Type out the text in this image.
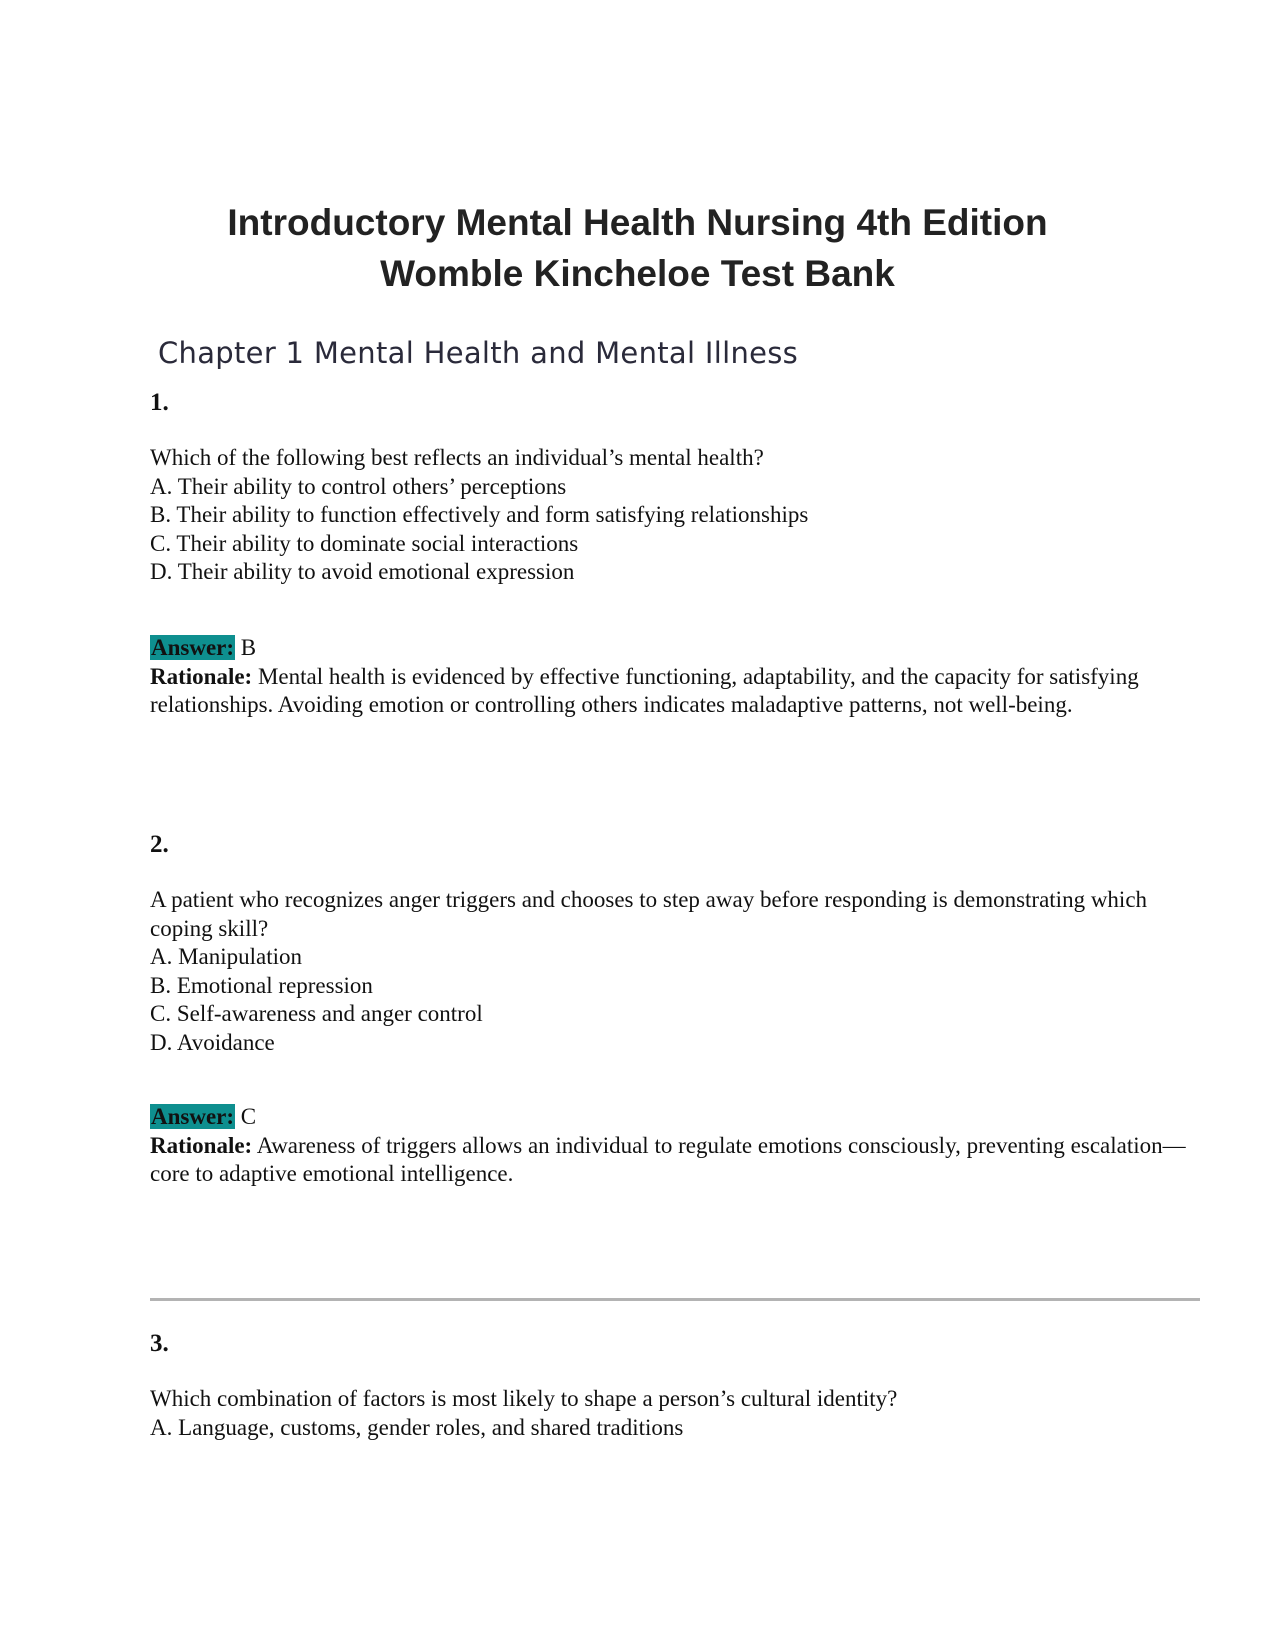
Introductory Mental Health Nursing 4th Edition
Womble Kincheloe Test Bank
Chapter 1 Mental Health and Mental Illness
1.

Which of the following best reflects an individual’s mental health?

A. Their ability to control others’ perceptions

B. Their ability to function effectively and form satisfying relationships

C. Their ability to dominate social interactions

D. Their ability to avoid emotional expression

Answer: B

Rationale: Mental health is evidenced by effective functioning, adaptability, and the capacity for satisfying relationships. Avoiding emotion or controlling others indicates maladaptive patterns, not well-being.

2.

A patient who recognizes anger triggers and chooses to step away before responding is demonstrating which coping skill?

A. Manipulation

B. Emotional repression

C. Self-awareness and anger control

D. Avoidance

Answer: C

Rationale: Awareness of triggers allows an individual to regulate emotions consciously, preventing escalation—core to adaptive emotional intelligence.

3.

Which combination of factors is most likely to shape a person’s cultural identity?

A. Language, customs, gender roles, and shared traditions
